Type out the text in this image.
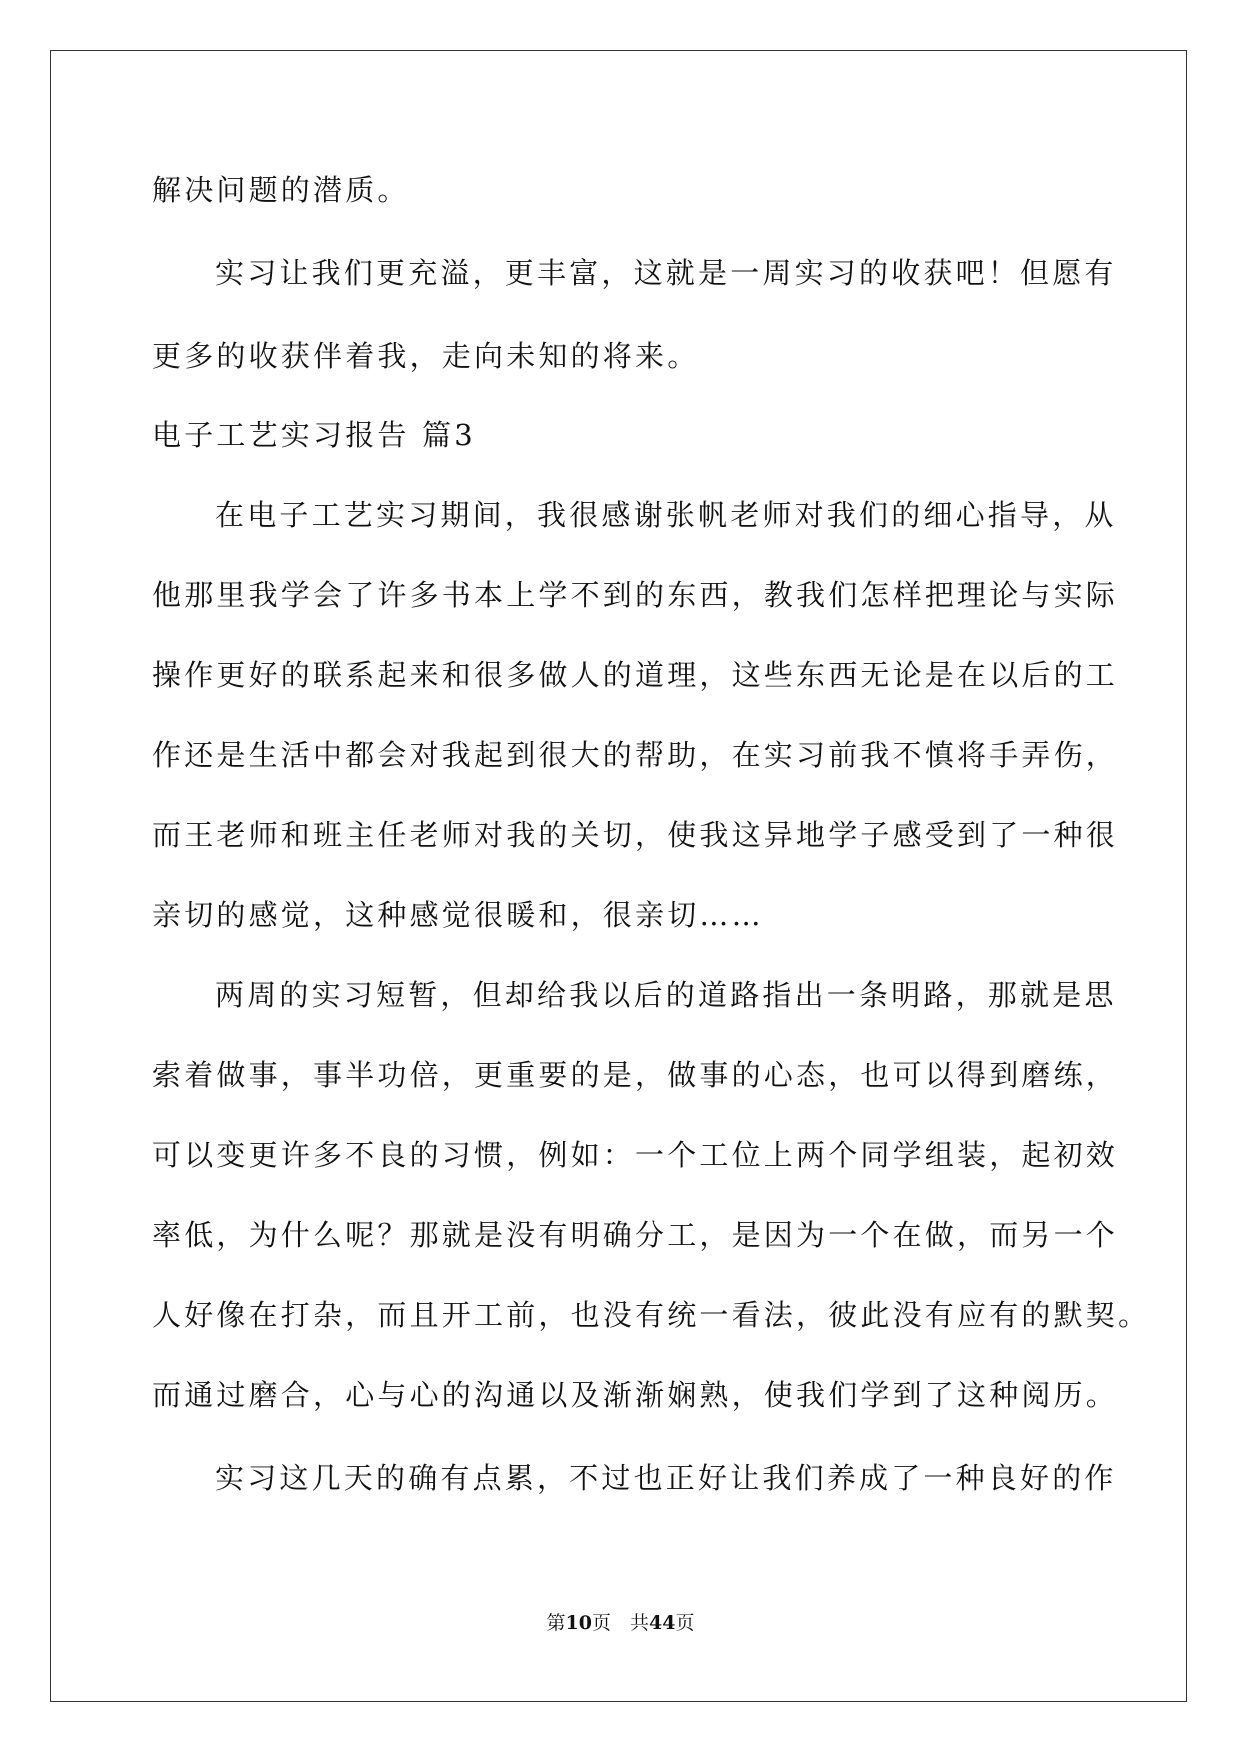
解决问题的潜质。

实习让我们更充溢，更丰富，这就是一周实习的收获吧！但愿有

更多的收获伴着我，走向未知的将来。

电子工艺实习报告 篇3

在电子工艺实习期间，我很感谢张帆老师对我们的细心指导，从

他那里我学会了许多书本上学不到的东西，教我们怎样把理论与实际

操作更好的联系起来和很多做人的道理，这些东西无论是在以后的工

作还是生活中都会对我起到很大的帮助，在实习前我不慎将手弄伤，

而王老师和班主任老师对我的关切，使我这异地学子感受到了一种很

亲切的感觉，这种感觉很暖和，很亲切……

两周的实习短暂，但却给我以后的道路指出一条明路，那就是思

索着做事，事半功倍，更重要的是，做事的心态，也可以得到磨练，

可以变更许多不良的习惯，例如：一个工位上两个同学组装，起初效

率低，为什么呢？那就是没有明确分工，是因为一个在做，而另一个

人好像在打杂，而且开工前，也没有统一看法，彼此没有应有的默契。

而通过磨合，心与心的沟通以及渐渐娴熟，使我们学到了这种阅历。

实习这几天的确有点累，不过也正好让我们养成了一种良好的作

第10页　共44页
